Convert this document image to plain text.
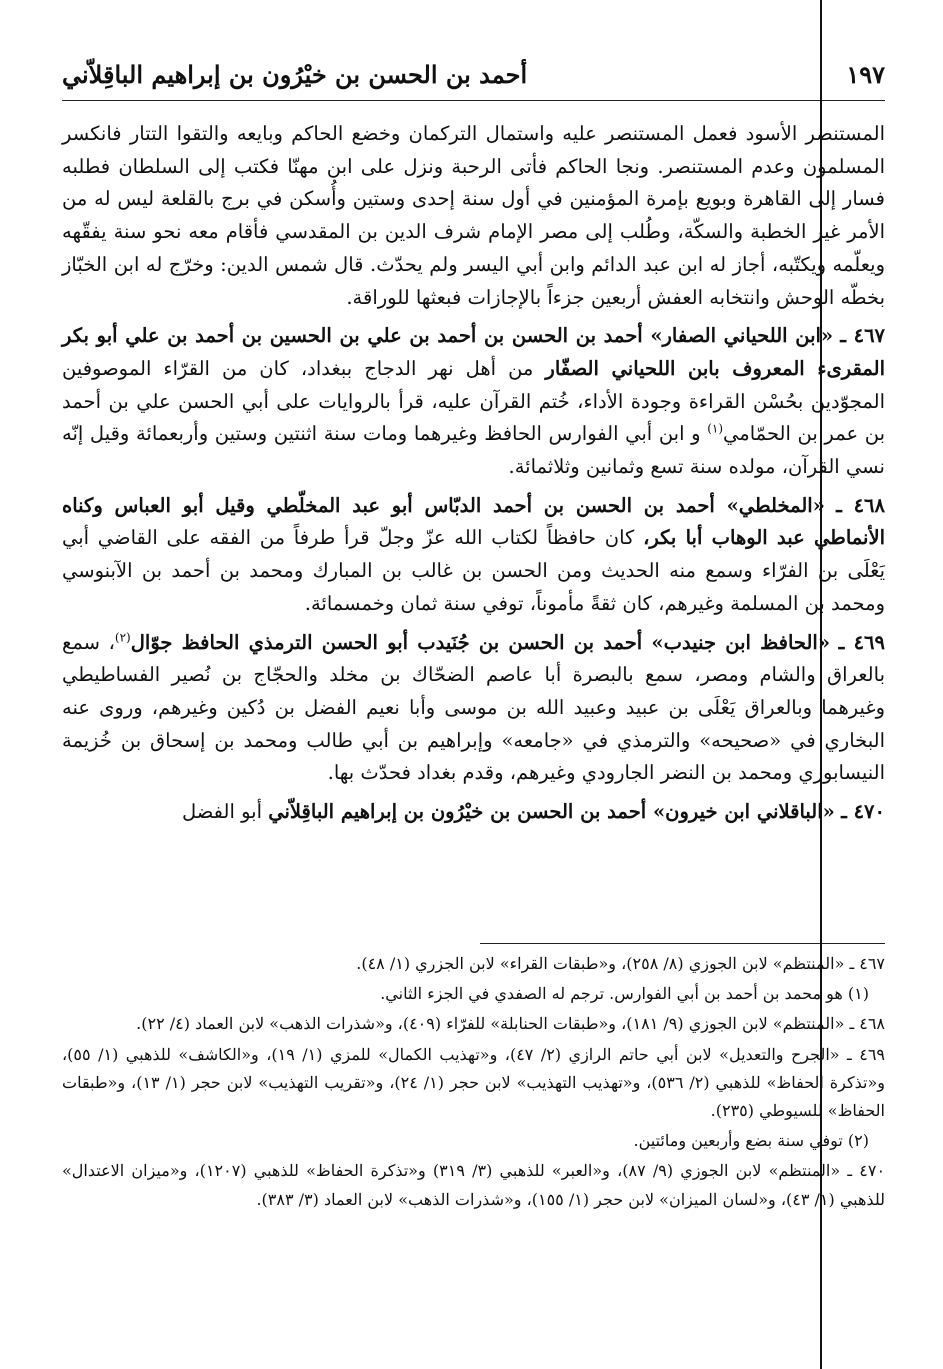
أحمد بن الحسن بن خيْرُون بن إبراهيم الباقِلاّني	١٩٧

المستنصر الأسود فعمل المستنصر عليه واستمال التركمان وخضع الحاكم وبايعه والتقوا التتار فانكسر المسلمون وعدم المستنصر. ونجا الحاكم فأتى الرحبة ونزل على ابن مهنّا فكتب إلى السلطان فطلبه فسار إلى القاهرة وبويع بإمرة المؤمنين في أول سنة إحدى وستين وأُسكن في برج بالقلعة ليس له من الأمر غير الخطبة والسكّة، وطُلب إلى مصر الإمام شرف الدين بن المقدسي فأقام معه نحو سنة يفقّهه ويعلّمه ويكتّبه، أجاز له ابن عبد الدائم وابن أبي اليسر ولم يحدّث. قال شمس الدين: وخرّج له ابن الخبّاز بخطّه الوحش وانتخابه العفش أربعين جزءاً بالإجازات فبعثها للوراقة.

٤٦٧ ـ «ابن اللحياني الصفار» أحمد بن الحسن بن أحمد بن علي بن الحسين بن أحمد بن علي أبو بكر المقرىء المعروف بابن اللحياني الصفّار من أهل نهر الدجاج ببغداد، كان من القرّاء الموصوفين المجوّدين بحُسْن القراءة وجودة الأداء، خُتم القرآن عليه، قرأ بالروايات على أبي الحسن علي بن أحمد بن عمر بن الحمّامي$^{(١)}$ و ابن أبي الفوارس الحافظ وغيرهما ومات سنة اثنتين وستين وأربعمائة وقيل إنّه نسي القرآن، مولده سنة تسع وثمانين وثلاثمائة.

٤٦٨ ـ «المخلطي» أحمد بن الحسن بن أحمد الدبّاس أبو عبد المخلّطي وقيل أبو العباس وكناه الأنماطي عبد الوهاب أبا بكر، كان حافظاً لكتاب الله عزّ وجلّ قرأ طرفاً من الفقه على القاضي أبي يَعْلَى بن الفرّاء وسمع منه الحديث ومن الحسن بن غالب بن المبارك ومحمد بن أحمد بن الآبنوسي ومحمد بن المسلمة وغيرهم، كان ثقةً مأموناً، توفي سنة ثمان وخمسمائة.

٤٦٩ ـ «الحافظ ابن جنيدب» أحمد بن الحسن بن جُنَيدب أبو الحسن الترمذي الحافظ جوّال$^{(٢)}$، سمع بالعراق والشام ومصر، سمع بالبصرة أبا عاصم الضحّاك بن مخلد والحجّاج بن نُصير الفساطيطي وغيرهما وبالعراق يَعْلَى بن عبيد وعبيد الله بن موسى وأبا نعيم الفضل بن دُكين وغيرهم، وروى عنه البخاري في «صحيحه» والترمذي في «جامعه» وإبراهيم بن أبي طالب ومحمد بن إسحاق بن خُزيمة النيسابوري ومحمد بن النضر الجارودي وغيرهم، وقدم بغداد فحدّث بها.

٤٧٠ ـ «الباقلاني ابن خيرون» أحمد بن الحسن بن خيْرُون بن إبراهيم الباقِلاّني أبو الفضل

٤٦٧ ـ «المنتظم» لابن الجوزي (٨/ ٢٥٨)، و«طبقات القراء» لابن الجزري (١/ ٤٨).

(١) هو محمد بن أحمد بن أبي الفوارس. ترجم له الصفدي في الجزء الثاني.

٤٦٨ ـ «المنتظم» لابن الجوزي (٩/ ١٨١)، و«طبقات الحنابلة» للفرّاء (٤٠٩)، و«شذرات الذهب» لابن العماد (٤/ ٢٢).

٤٦٩ ـ «الجرح والتعديل» لابن أبي حاتم الرازي (٢/ ٤٧)، و«تهذيب الكمال» للمزي (١/ ١٩)، و«الكاشف» للذهبي (١/ ٥٥)، و«تذكرة الحفاظ» للذهبي (٢/ ٥٣٦)، و«تهذيب التهذيب» لابن حجر (١/ ٢٤)، و«تقريب التهذيب» لابن حجر (١/ ١٣)، و«طبقات الحفاظ» للسيوطي (٢٣٥).

(٢) توفي سنة بضع وأربعين ومائتين.

٤٧٠ ـ «المنتظم» لابن الجوزي (٩/ ٨٧)، و«العبر» للذهبي (٣/ ٣١٩) و«تذكرة الحفاظ» للذهبي (١٢٠٧)، و«ميزان الاعتدال» للذهبي (١/ ٤٣)، و«لسان الميزان» لابن حجر (١/ ١٥٥)، و«شذرات الذهب» لابن العماد (٣/ ٣٨٣).
